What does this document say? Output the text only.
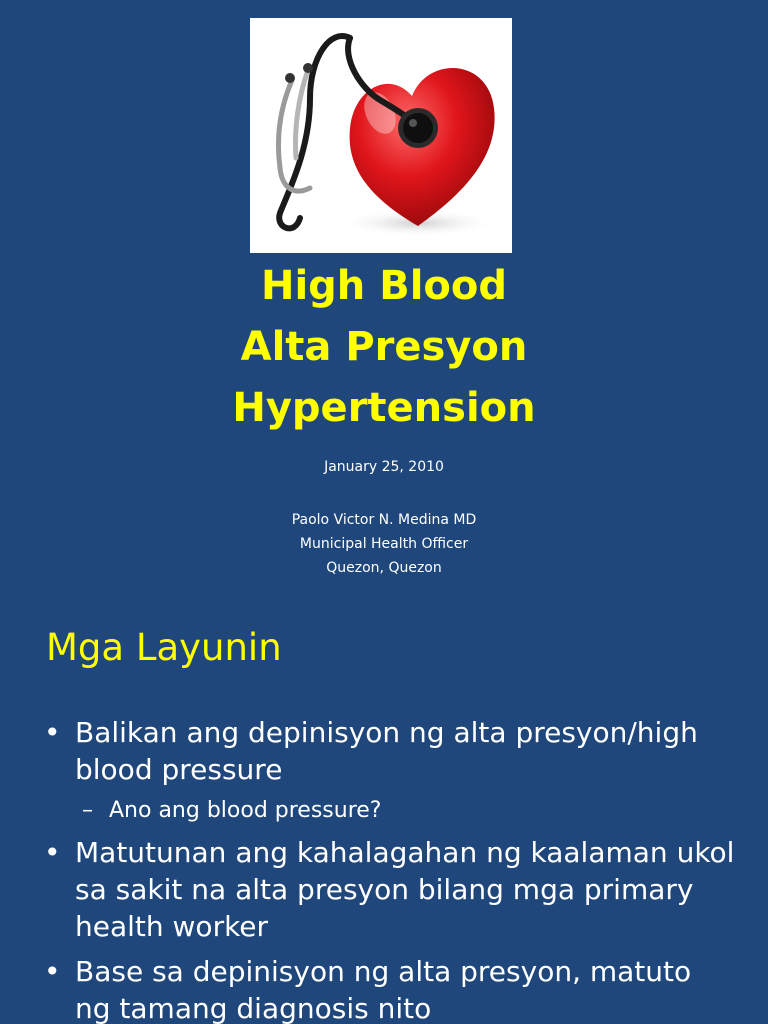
High Blood
Alta Presyon
Hypertension
January 25, 2010
Paolo Victor N. Medina MD
Municipal Health Officer
Quezon, Quezon
Mga Layunin
• Balikan ang depinisyon ng alta presyon/high blood pressure
– Ano ang blood pressure?
• Matutunan ang kahalagahan ng kaalaman ukol sa sakit na alta presyon bilang mga primary health worker
• Base sa depinisyon ng alta presyon, matuto ng tamang diagnosis nito
